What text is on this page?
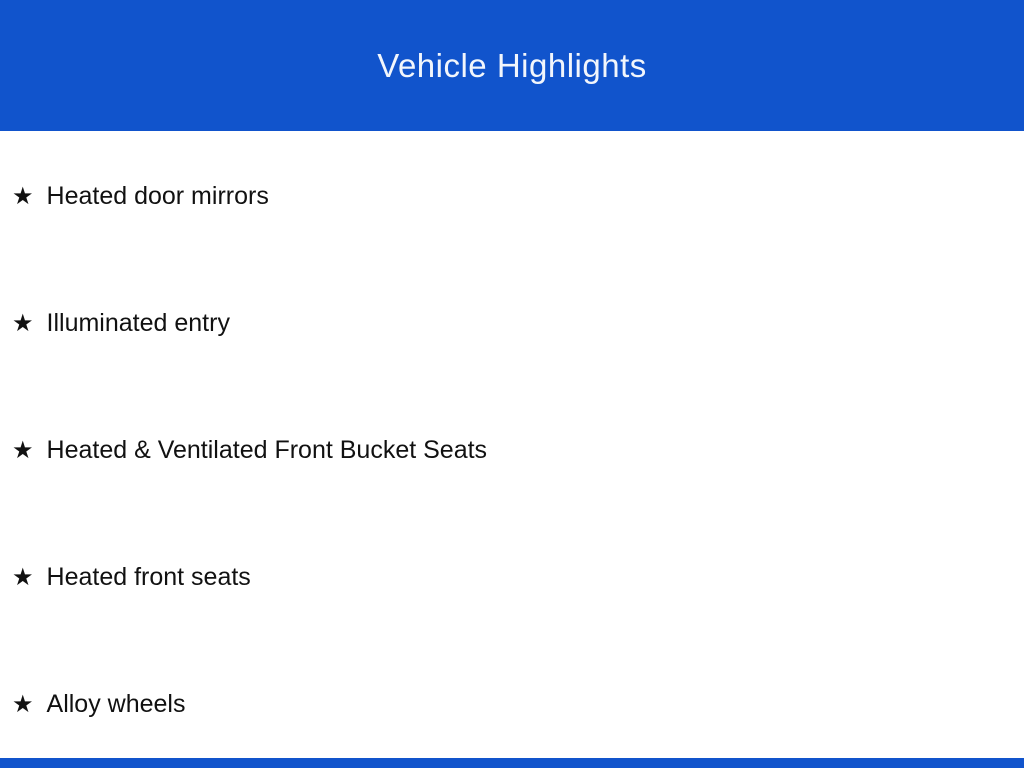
Vehicle Highlights
★ Heated door mirrors
★ Illuminated entry
★ Heated & Ventilated Front Bucket Seats
★ Heated front seats
★ Alloy wheels
